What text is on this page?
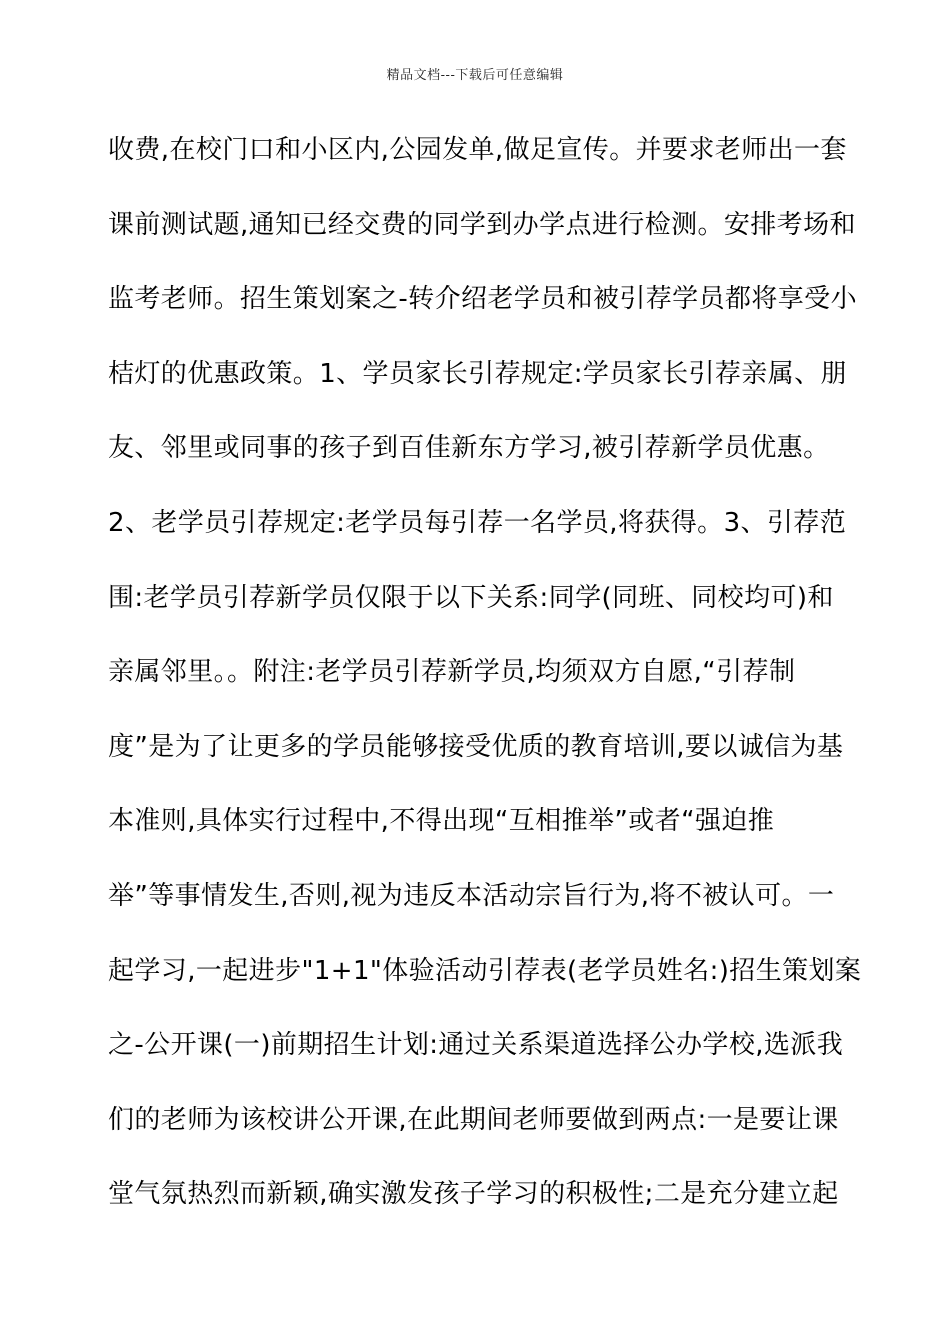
精品文档---下载后可任意编辑
收费,在校门口和小区内,公园发单,做足宣传。并要求老师出一套
课前测试题,通知已经交费的同学到办学点进行检测。安排考场和
监考老师。招生策划案之-转介绍老学员和被引荐学员都将享受小
桔灯的优惠政策。1、学员家长引荐规定:学员家长引荐亲属、朋
友、邻里或同事的孩子到百佳新东方学习,被引荐新学员优惠。
2、老学员引荐规定:老学员每引荐一名学员,将获得。3、引荐范
围:老学员引荐新学员仅限于以下关系:同学(同班、同校均可)和
亲属邻里。。附注:老学员引荐新学员,均须双方自愿,“引荐制
度”是为了让更多的学员能够接受优质的教育培训,要以诚信为基
本准则,具体实行过程中,不得出现“互相推举”或者“强迫推
举”等事情发生,否则,视为违反本活动宗旨行为,将不被认可。一
起学习,一起进步"1+1"体验活动引荐表(老学员姓名:)招生策划案
之-公开课(一)前期招生计划:通过关系渠道选择公办学校,选派我
们的老师为该校讲公开课,在此期间老师要做到两点:一是要让课
堂气氛热烈而新颖,确实激发孩子学习的积极性;二是充分建立起
